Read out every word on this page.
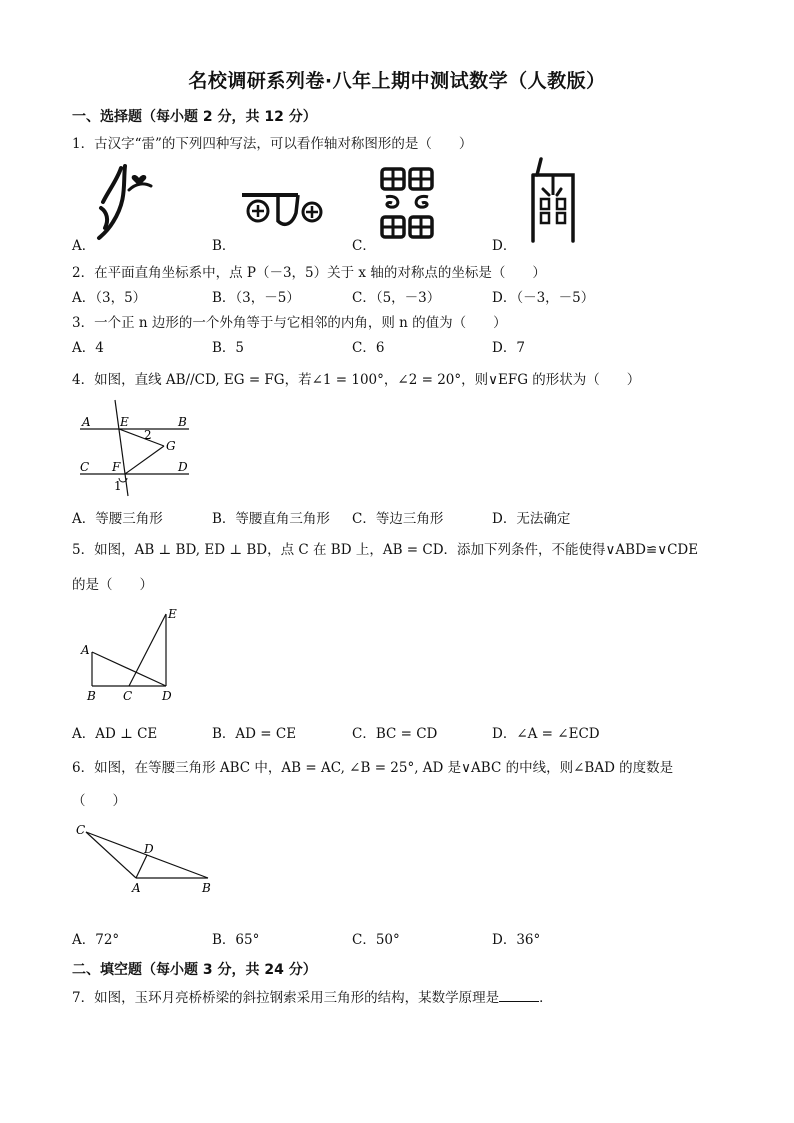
名校调研系列卷·八年上期中测试数学（人教版）
一、选择题（每小题 2 分，共 12 分）
1．古汉字“雷”的下列四种写法，可以看作轴对称图形的是（　　）
A．	B．	C．	D．
2．在平面直角坐标系中，点 P（－3，5）关于 x 轴的对称点的坐标是（　　）
A．（3，5）	B．（3，－5）	C．（5，－3）	D．（－3，－5）
3．一个正 n 边形的一个外角等于与它相邻的内角，则 n 的值为（　　）
A．4	B．5	C．6	D．7
4．如图，直线 AB//CD, EG = FG，若∠1 = 100°，∠2 = 20°，则∨EFG 的形状为（　　）
A E	B
2
G
C F	D
1
A．等腰三角形	B．等腰直角三角形 C．等边三角形	D．无法确定
5．如图，AB ⊥ BD, ED ⊥ BD，点 C 在 BD 上，AB = CD．添加下列条件，不能使得∨ABD≌∨CDE
的是（　　）
E
A
B C D
A．AD ⊥ CE	B．AD = CE	C．BC = CD	D．∠A = ∠ECD
6．如图，在等腰三角形 ABC 中，AB = AC, ∠B = 25°, AD 是∨ABC 的中线，则∠BAD 的度数是
（　　）
C
D
A	B
A．72°	B．65°	C．50°	D．36°
二、填空题（每小题 3 分，共 24 分）
7．如图，玉环月亮桥桥梁的斜拉钢索采用三角形的结构，某数学原理是	．
